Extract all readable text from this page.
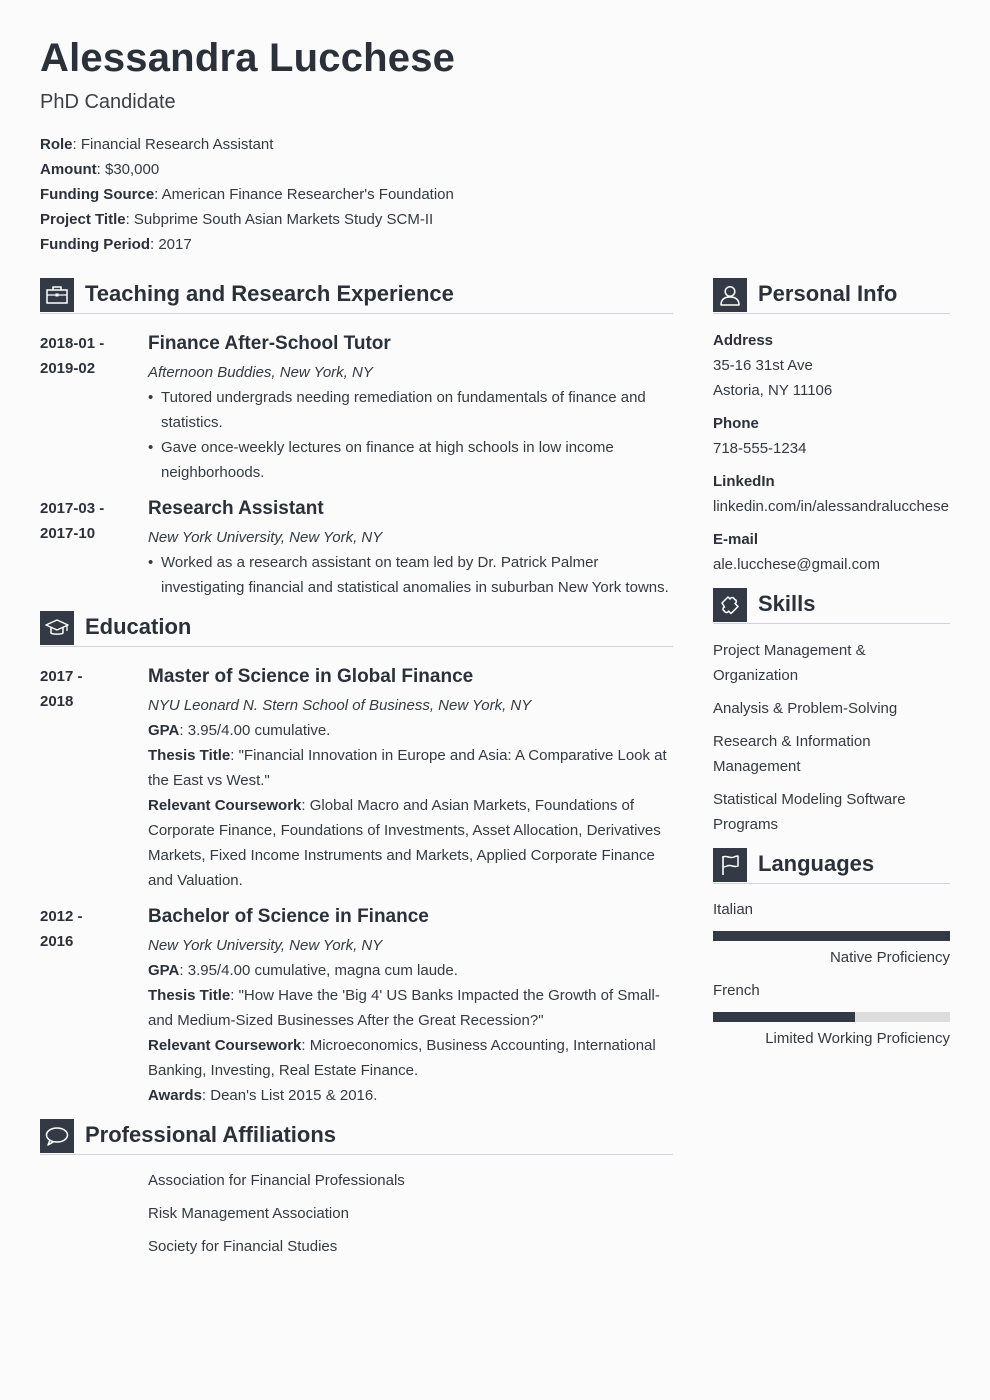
Alessandra Lucchese
PhD Candidate
Role: Financial Research Assistant
Amount: $30,000
Funding Source: American Finance Researcher's Foundation
Project Title: Subprime South Asian Markets Study SCM-II
Funding Period: 2017
Teaching and Research Experience
2018-01 -
2019-02
Finance After-School Tutor
Afternoon Buddies, New York, NY
• Tutored undergrads needing remediation on fundamentals of finance and
statistics.
• Gave once-weekly lectures on finance at high schools in low income
neighborhoods.
2017-03 -
2017-10
Research Assistant
New York University, New York, NY
• Worked as a research assistant on team led by Dr. Patrick Palmer
investigating financial and statistical anomalies in suburban New York towns.
Education
2017 -
2018
Master of Science in Global Finance
NYU Leonard N. Stern School of Business, New York, NY
GPA: 3.95/4.00 cumulative.
Thesis Title: "Financial Innovation in Europe and Asia: A Comparative Look at
the East vs West."
Relevant Coursework: Global Macro and Asian Markets, Foundations of
Corporate Finance, Foundations of Investments, Asset Allocation, Derivatives
Markets, Fixed Income Instruments and Markets, Applied Corporate Finance
and Valuation.
2012 -
2016
Bachelor of Science in Finance
New York University, New York, NY
GPA: 3.95/4.00 cumulative, magna cum laude.
Thesis Title: "How Have the 'Big 4' US Banks Impacted the Growth of Small-
and Medium-Sized Businesses After the Great Recession?"
Relevant Coursework: Microeconomics, Business Accounting, International
Banking, Investing, Real Estate Finance.
Awards: Dean's List 2015 & 2016.
Professional Affiliations
Association for Financial Professionals
Risk Management Association
Society for Financial Studies
Personal Info
Address
35-16 31st Ave
Astoria, NY 11106
Phone
718-555-1234
LinkedIn
linkedin.com/in/alessandralucchese
E-mail
ale.lucchese@gmail.com
Skills
Project Management &
Organization
Analysis & Problem-Solving
Research & Information
Management
Statistical Modeling Software
Programs
Languages
Italian
Native Proficiency
French
Limited Working Proficiency
